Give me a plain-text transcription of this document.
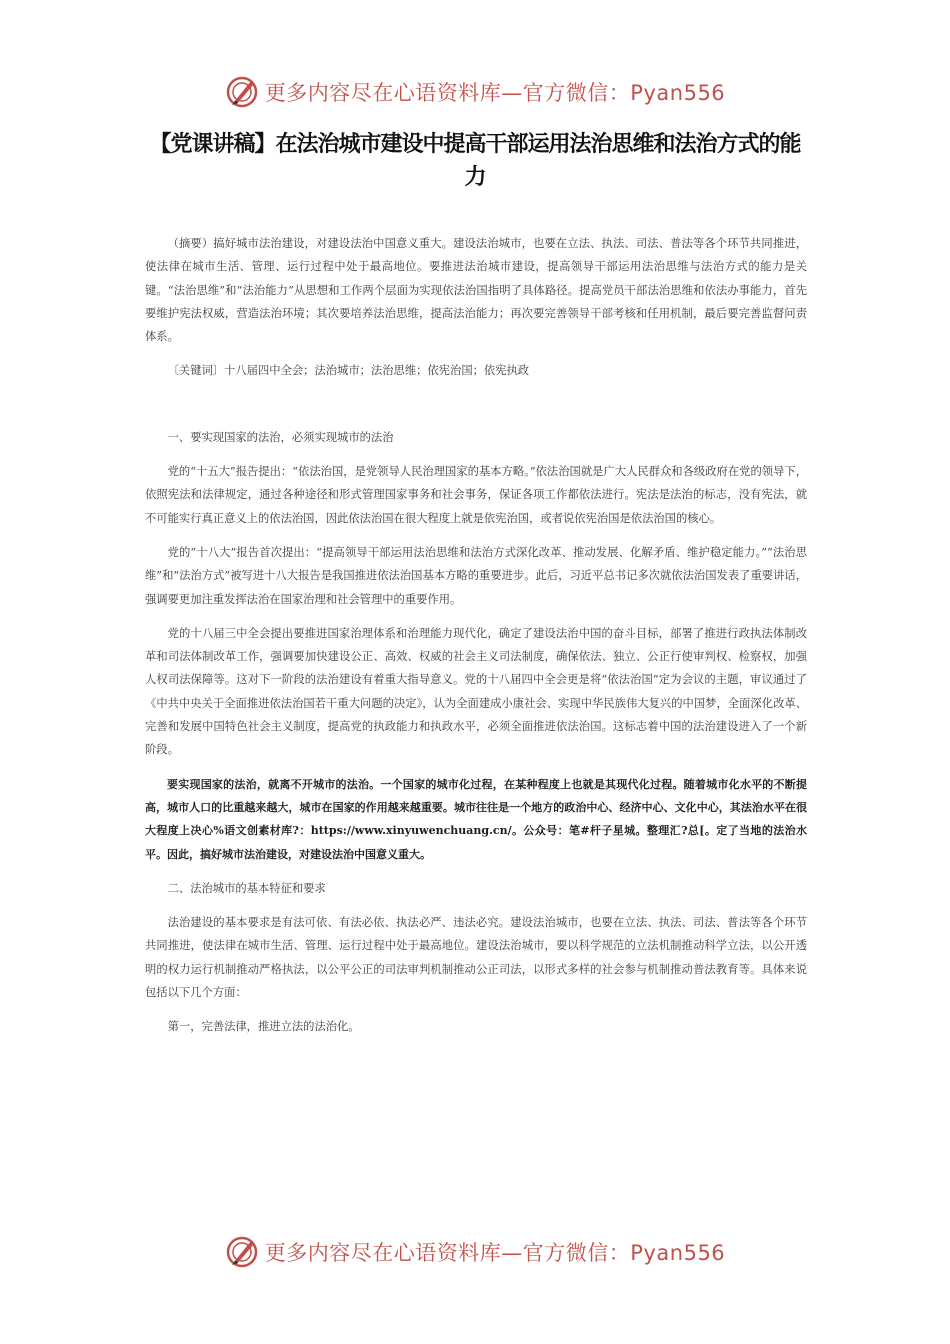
更多内容尽在心语资料库—官方微信：Pyan556
【党课讲稿】在法治城市建设中提高干部运用法治思维和法治方式的能力

（摘要）搞好城市法治建设，对建设法治中国意义重大。建设法治城市，也要在立法、执法、司法、普法等各个环节共同推进，使法律在城市生活、管理、运行过程中处于最高地位。要推进法治城市建设，提高领导干部运用法治思维与法治方式的能力是关键。“法治思维”和“法治能力”从思想和工作两个层面为实现依法治国指明了具体路径。提高党员干部法治思维和依法办事能力，首先要维护宪法权威，营造法治环境；其次要培养法治思维，提高法治能力；再次要完善领导干部考核和任用机制，最后要完善监督问责体系。

〔关键词〕十八届四中全会；法治城市；法治思维；依宪治国；依宪执政

一、要实现国家的法治，必须实现城市的法治

党的“十五大”报告提出：“依法治国，是党领导人民治理国家的基本方略。”依法治国就是广大人民群众和各级政府在党的领导下，依照宪法和法律规定，通过各种途径和形式管理国家事务和社会事务，保证各项工作都依法进行。宪法是法治的标志，没有宪法，就不可能实行真正意义上的依法治国，因此依法治国在很大程度上就是依宪治国，或者说依宪治国是依法治国的核心。

党的“十八大”报告首次提出：“提高领导干部运用法治思维和法治方式深化改革、推动发展、化解矛盾、维护稳定能力。”“法治思维”和“法治方式”被写进十八大报告是我国推进依法治国基本方略的重要进步。此后，习近平总书记多次就依法治国发表了重要讲话，强调要更加注重发挥法治在国家治理和社会管理中的重要作用。

党的十八届三中全会提出要推进国家治理体系和治理能力现代化，确定了建设法治中国的奋斗目标，部署了推进行政执法体制改革和司法体制改革工作，强调要加快建设公正、高效、权威的社会主义司法制度，确保依法、独立、公正行使审判权、检察权，加强人权司法保障等。这对下一阶段的法治建设有着重大指导意义。党的十八届四中全会更是将“依法治国”定为会议的主题，审议通过了《中共中央关于全面推进依法治国若干重大问题的决定》，认为全面建成小康社会、实现中华民族伟大复兴的中国梦，全面深化改革、完善和发展中国特色社会主义制度，提高党的执政能力和执政水平，必须全面推进依法治国。这标志着中国的法治建设进入了一个新阶段。

要实现国家的法治，就离不开城市的法治。一个国家的城市化过程，在某种程度上也就是其现代化过程。随着城市化水平的不断提高，城市人口的比重越来越大，城市在国家的作用越来越重要。城市往往是一个地方的政治中心、经济中心、文化中心，其法治水平在很大程度上决心%语文创素材库?：https://www.xinyuwenchuang.cn/。公众号：笔#杆子星城。整理汇?总[。定了当地的法治水平。因此，搞好城市法治建设，对建设法治中国意义重大。

二、法治城市的基本特征和要求

法治建设的基本要求是有法可依、有法必依、执法必严、违法必究。建设法治城市，也要在立法、执法、司法、普法等各个环节共同推进，使法律在城市生活、管理、运行过程中处于最高地位。建设法治城市，要以科学规范的立法机制推动科学立法，以公开透明的权力运行机制推动严格执法，以公平公正的司法审判机制推动公正司法，以形式多样的社会参与机制推动普法教育等。具体来说包括以下几个方面：

第一，完善法律，推进立法的法治化。

更多内容尽在心语资料库—官方微信：Pyan556
